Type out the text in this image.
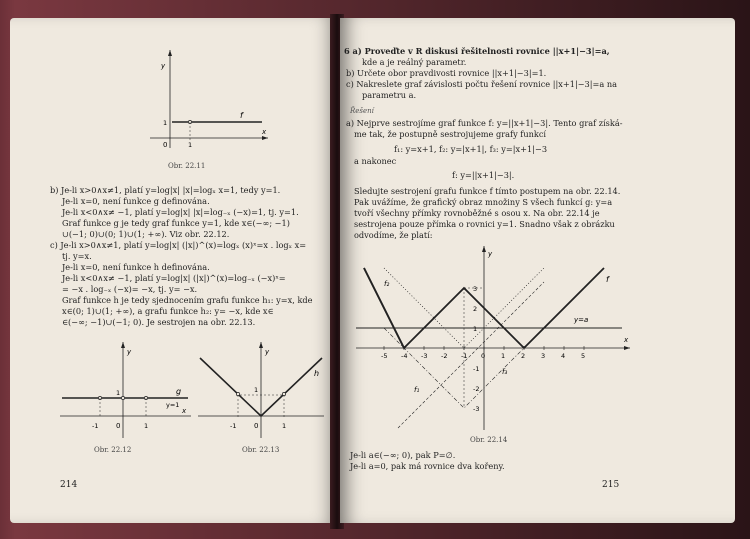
y
x
f
1
0	1
Obr. 22.11
b) Je-li x>0∧x≠1, platí y=log|x| |x|=logₓ x=1, tedy y=1.
Je-li x=0, není funkce g definována.
Je-li x<0∧x≠ −1, platí y=log|x| |x|=log₋ₓ (−x)=1, tj. y=1.
Graf funkce g je tedy graf funkce y=1, kde x∈(−∞; −1)
∪(−1; 0)∪(0; 1)∪(1; +∞). Viz obr. 22.12.
c) Je-li x>0∧x≠1, platí y=log|x| (|x|)^(x)=logₓ (x)ˣ=x . logₓ x=
tj. y=x.
Je-li x=0, není funkce h definována.
Je-li x<0∧x≠ −1, platí y=log|x| (|x|)^(x)=log₋ₓ (−x)ˣ=
= −x . log₋ₓ (−x)= −x, tj. y= −x.
Graf funkce h je tedy sjednocením grafu funkce h₁: y=x, kde
x∈(0; 1)∪(1; +∞), a grafu funkce h₂: y= −x, kde x∈
∈(−∞; −1)∪(−1; 0). Je sestrojen na obr. 22.13.
y
x
g
y=1
1
-1	0	1
Obr. 22.12
y
h
1
-1	0	1
Obr. 22.13
214
6 a) Proveďte v R diskusi řešitelnosti rovnice ||x+1|−3|=a,
kde a je reálný parametr.
b) Určete obor pravdivosti rovnice ||x+1|−3|=1.
c) Nakreslete graf závislosti počtu řešení rovnice ||x+1|−3|=a na
parametru a.
Řešení
a) Nejprve sestrojíme graf funkce f: y=||x+1|−3|. Tento graf získá-
me tak, že postupně sestrojujeme grafy funkcí
f₁: y=x+1, f₂: y=|x+1|, f₃: y=|x+1|−3
a nakonec
f: y=||x+1|−3|.
Sledujte sestrojení grafu funkce f tímto postupem na obr. 22.14.
Pak uvážíme, že grafický obraz množiny S všech funkcí g: y=a
tvoří všechny přímky rovnoběžné s osou x. Na obr. 22.14 je
sestrojena pouze přímka o rovnici y=1. Snadno však z obrázku
odvodíme, že platí:
-5 -4 -3 -2 -1 0 1 2 3 4 5
3
2
1
-1
-2
-3
x
y
f
y=a
f₂
f₁
f₃
Obr. 22.14
Je-li a∈(−∞; 0), pak P=∅.
Je-li a=0, pak má rovnice dva kořeny.
215
